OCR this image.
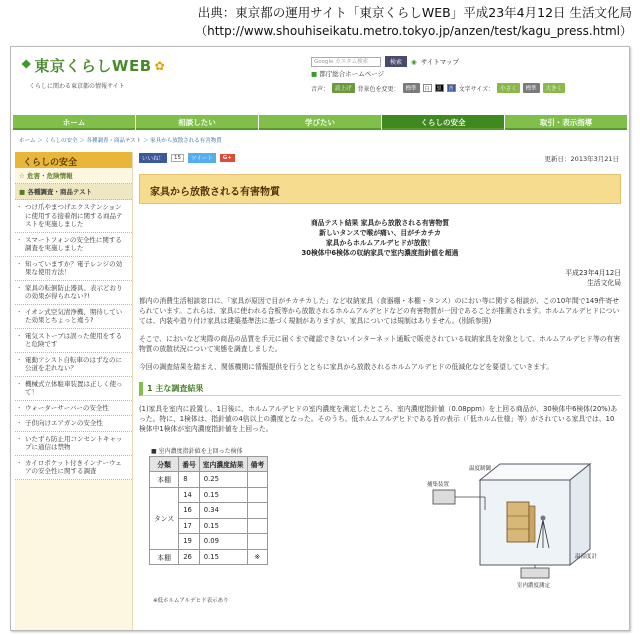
出典：東京都の運用サイト「東京くらしWEB」平成23年4月12日 生活文化局
（http://www.shouhiseikatu.metro.tokyo.jp/anzen/test/kagu_press.html）
⯁ 東京くらしWEB ✿
くらしに関わる東京都の情報サイト
Google カスタム検索	検索	◉ サイトマップ
■ 都庁総合ホームページ
音声：	読上げ	背景色を変更：	標準	白	黒	青 文字サイズ：	小さく	標準	大きく
ホーム	相談したい	学びたい	くらしの安全	取引・表示指導
ホーム ＞ くらしの安全 ＞ 各種調査・商品テスト ＞ 家具から放散される有害物質
くらしの安全
☆ 危害・危険情報
■ 各種調査・商品テスト
・ つけ爪やまつげエクステンションに使用する接着剤に関する商品テストを実施しました
・ スマートフォンの安全性に関する調査を実施しました
・ 知っていますか？電子レンジの効果な使用方法！
・ 家具の転倒防止器具、表示どおりの効果が得られない?!
・ イオン式空気清浄機、期待していた効果とちょっと違う?
・ 電気ストーブは誤った使用をすると危険です
・ 電動アシスト自転車のはずなのに公道を走れない？
・ 機械式立体駐車装置は正しく使って！
・ ウォーターサーバーの安全性
・ 子供向けエアガンの安全性
・ いたずら防止用コンセントキャップに通信は禁物
・ カイロポケット付きインナーウェアの安全性に関する調査
いいね！	15	ツイート	G+	更新日：2013年3月21日
家具から放散される有害物質
商品テスト結果 家具から放散される有害物質
新しいタンスで喉が痛い、目がチカチカ
家具からホルムアルデヒドが放散！
30検体中6検体の収納家具で室内濃度指針値を超過
平成23年4月12日
生活文化局

都内の消費生活相談窓口に、「家具が原因で目がチカチカした」など収納家具（食器棚・本棚・タンス）のにおい等に関する相談が、この10年間で149件寄せられています。これらは、家具に使われる合板等から放散されるホルムアルデヒドなどの有害物質が一因であることが推測されます。ホルムアルデヒドについては、内装や造り付け家具は建築基準法に基づく規制がありますが、家具については規制はありません。(別紙参照)

そこで、においなど実際の商品の品質を手元に届くまで確認できないインターネット通販で販売されている収納家具を対象として、ホルムアルデヒド等の有害物質の放散状況について実態を調査しました。

今回の調査結果を踏まえ、関係機関に情報提供を行うとともに家具から放散されるホルムアルデヒドの低減化などを要望していきます。

1 主な調査結果

(1)家具を室内に設置し、1日後に、ホルムアルデヒドの室内濃度を測定したところ、室内濃度指針値（0.08ppm）を上回る商品が、30検体中6検体(20%)あった。特に、1検体は、指針値の4倍以上の濃度となった。そのうち、低ホルムアルデヒドである旨の表示（「低ホルム仕様」等）がされている家具では、10検体中1検体が室内濃度指針値を上回った。

■ 室内濃度指針値を上回った検体
分類	番号	室内濃度結果	備考
本棚	8	0.25	
タンス	14	0.15	
	16	0.34	
	17	0.15	
	19	0.09	
本棚	26	0.15	※
※低ホルムアルデヒド表示あり
捕集装置
温度制御
温湿度計
室内濃度測定
